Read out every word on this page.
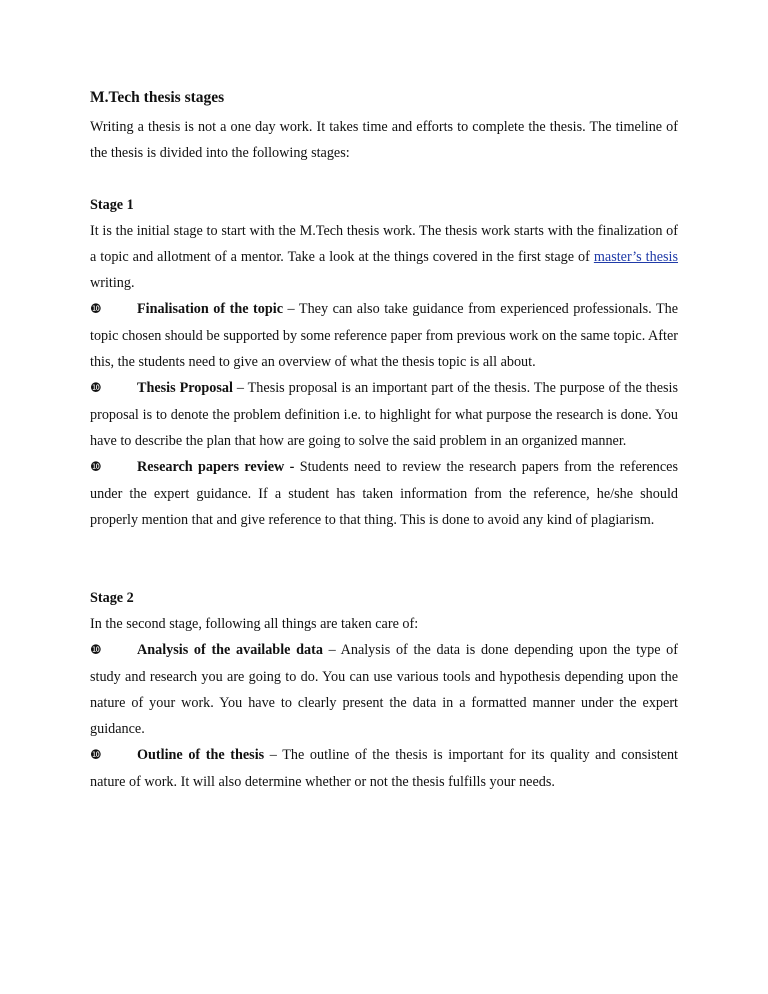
M.Tech thesis stages

Writing a thesis is not a one day work. It takes time and efforts to complete the thesis. The timeline of the thesis is divided into the following stages:

Stage 1

It is the initial stage to start with the M.Tech thesis work. The thesis work starts with the finalization of a topic and allotment of a mentor. Take a look at the things covered in the first stage of master’s thesis writing.

❿ Finalisation of the topic – They can also take guidance from experienced professionals. The topic chosen should be supported by some reference paper from previous work on the same topic. After this, the students need to give an overview of what the thesis topic is all about.

❿ Thesis Proposal – Thesis proposal is an important part of the thesis. The purpose of the thesis proposal is to denote the problem definition i.e. to highlight for what purpose the research is done. You have to describe the plan that how are going to solve the said problem in an organized manner.

❿ Research papers review - Students need to review the research papers from the references under the expert guidance. If a student has taken information from the reference, he/she should properly mention that and give reference to that thing. This is done to avoid any kind of plagiarism.

Stage 2

In the second stage, following all things are taken care of:

❿ Analysis of the available data – Analysis of the data is done depending upon the type of study and research you are going to do. You can use various tools and hypothesis depending upon the nature of your work. You have to clearly present the data in a formatted manner under the expert guidance.

❿ Outline of the thesis – The outline of the thesis is important for its quality and consistent nature of work. It will also determine whether or not the thesis fulfills your needs.
